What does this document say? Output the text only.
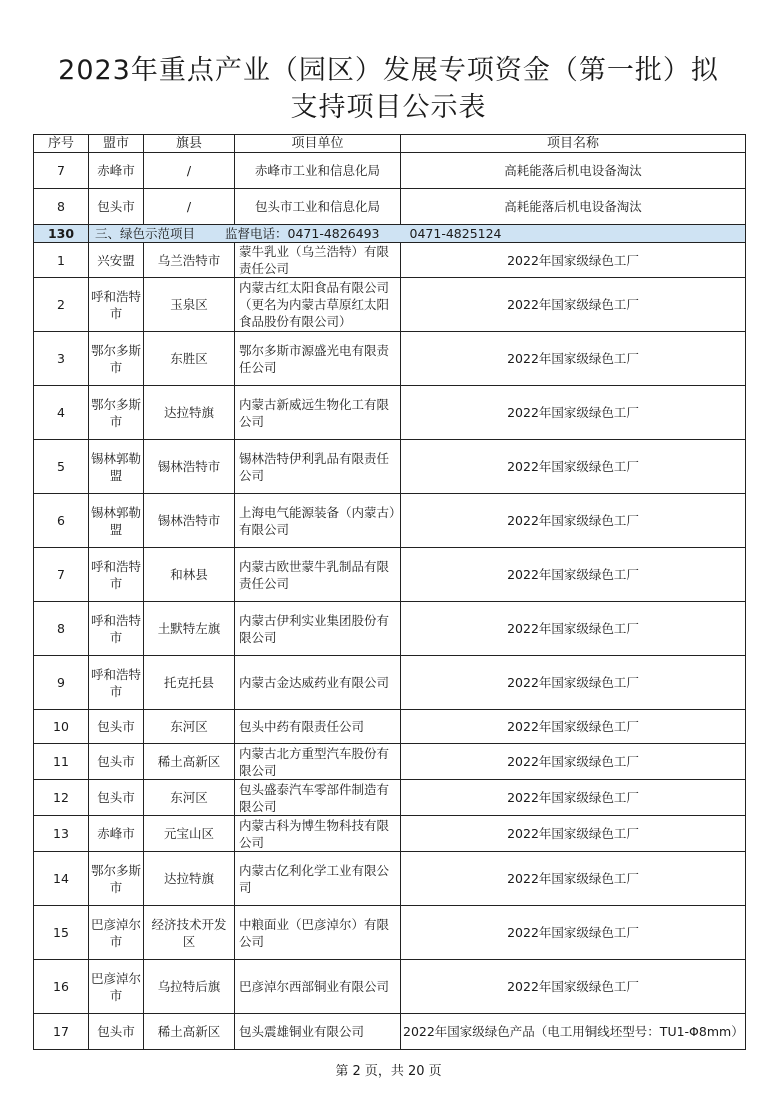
2023年重点产业（园区）发展专项资金（第一批）拟
支持项目公示表
序号	盟市	旗县	项目单位	项目名称
7	赤峰市	/	赤峰市工业和信息化局	高耗能落后机电设备淘汰
8	包头市	/	包头市工业和信息化局	高耗能落后机电设备淘汰
130	三、绿色示范项目 监督电话：0471-4826493 0471-4825124			
1	兴安盟	乌兰浩特市	蒙牛乳业（乌兰浩特）有限责任公司	2022年国家级绿色工厂
2	呼和浩特市	玉泉区	内蒙古红太阳食品有限公司（更名为内蒙古草原红太阳食品股份有限公司）	2022年国家级绿色工厂
3	鄂尔多斯市	东胜区	鄂尔多斯市源盛光电有限责任公司	2022年国家级绿色工厂
4	鄂尔多斯市	达拉特旗	内蒙古新威远生物化工有限公司	2022年国家级绿色工厂
5	锡林郭勒盟	锡林浩特市	锡林浩特伊利乳品有限责任公司	2022年国家级绿色工厂
6	锡林郭勒盟	锡林浩特市	上海电气能源装备（内蒙古）有限公司	2022年国家级绿色工厂
7	呼和浩特市	和林县	内蒙古欧世蒙牛乳制品有限责任公司	2022年国家级绿色工厂
8	呼和浩特市	土默特左旗	内蒙古伊利实业集团股份有限公司	2022年国家级绿色工厂
9	呼和浩特市	托克托县	内蒙古金达威药业有限公司	2022年国家级绿色工厂
10	包头市	东河区	包头中药有限责任公司	2022年国家级绿色工厂
11	包头市	稀土高新区	内蒙古北方重型汽车股份有限公司	2022年国家级绿色工厂
12	包头市	东河区	包头盛泰汽车零部件制造有限公司	2022年国家级绿色工厂
13	赤峰市	元宝山区	内蒙古科为博生物科技有限公司	2022年国家级绿色工厂
14	鄂尔多斯市	达拉特旗	内蒙古亿利化学工业有限公司	2022年国家级绿色工厂
15	巴彦淖尔市	经济技术开发区	中粮面业（巴彦淖尔）有限公司	2022年国家级绿色工厂
16	巴彦淖尔市	乌拉特后旗	巴彦淖尔西部铜业有限公司	2022年国家级绿色工厂
17	包头市	稀土高新区	包头震雄铜业有限公司	2022年国家级绿色产品（电工用铜线坯型号：TU1-Φ8mm）
第 2 页，共 20 页
